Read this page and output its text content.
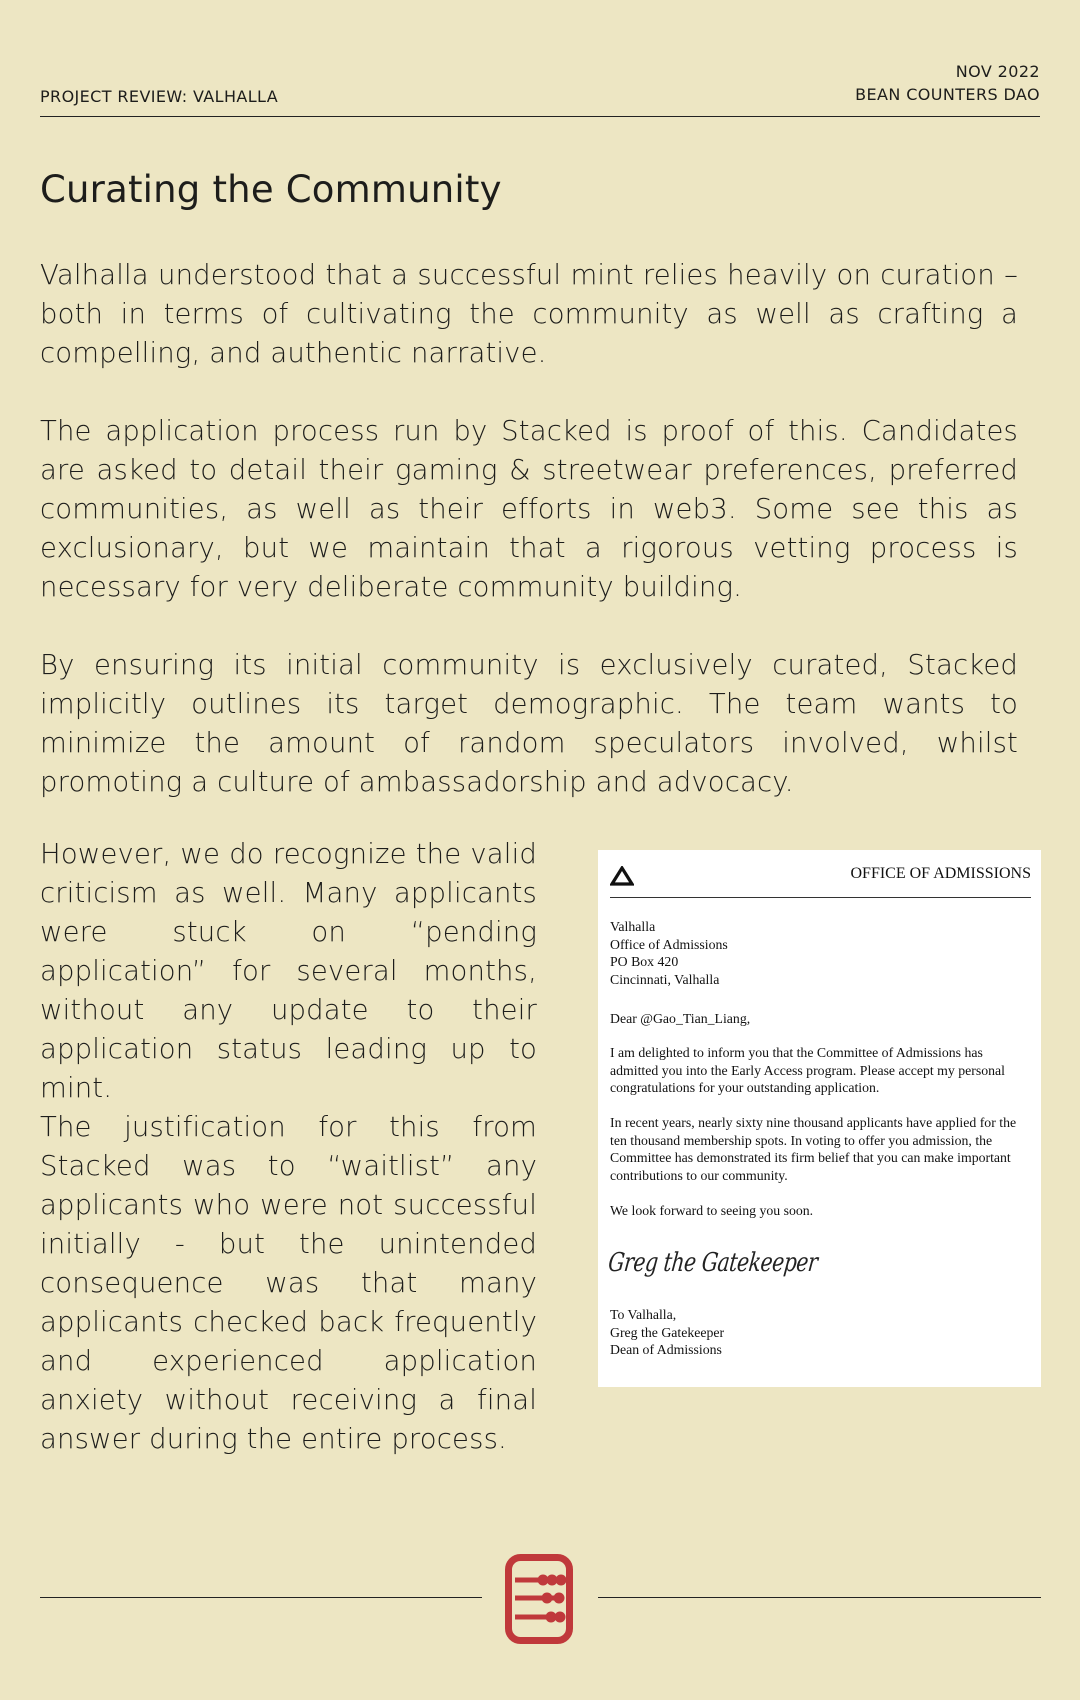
PROJECT REVIEW: VALHALLA
NOV 2022
BEAN COUNTERS DAO
Curating the Community

Valhalla understood that a successful mint relies heavily on curation – both in terms of cultivating the community as well as crafting a compelling, and authentic narrative.

The application process run by Stacked is proof of this. Candidates are asked to detail their gaming & streetwear preferences, preferred communities, as well as their efforts in web3. Some see this as exclusionary, but we maintain that a rigorous vetting process is necessary for very deliberate community building.

By ensuring its initial community is exclusively curated, Stacked implicitly outlines its target demographic. The team wants to minimize the amount of random speculators involved, whilst promoting a culture of ambassadorship and advocacy.

However, we do recognize the valid criticism as well. Many applicants were stuck on “pending application” for several months, without any update to their application status leading up to mint.

The justification for this from Stacked was to “waitlist” any applicants who were not successful initially - but the unintended consequence was that many applicants checked back frequently and experienced application anxiety without receiving a final answer during the entire process.

OFFICE OF ADMISSIONS
Valhalla
Office of Admissions
PO Box 420
Cincinnati, Valhalla
Dear @Gao_Tian_Liang,
I am delighted to inform you that the Committee of Admissions has admitted you into the Early Access program. Please accept my personal congratulations for your outstanding application.
In recent years, nearly sixty nine thousand applicants have applied for the ten thousand membership spots. In voting to offer you admission, the Committee has demonstrated its firm belief that you can make important contributions to our community.
We look forward to seeing you soon.
Greg the Gatekeeper
To Valhalla,
Greg the Gatekeeper
Dean of Admissions
